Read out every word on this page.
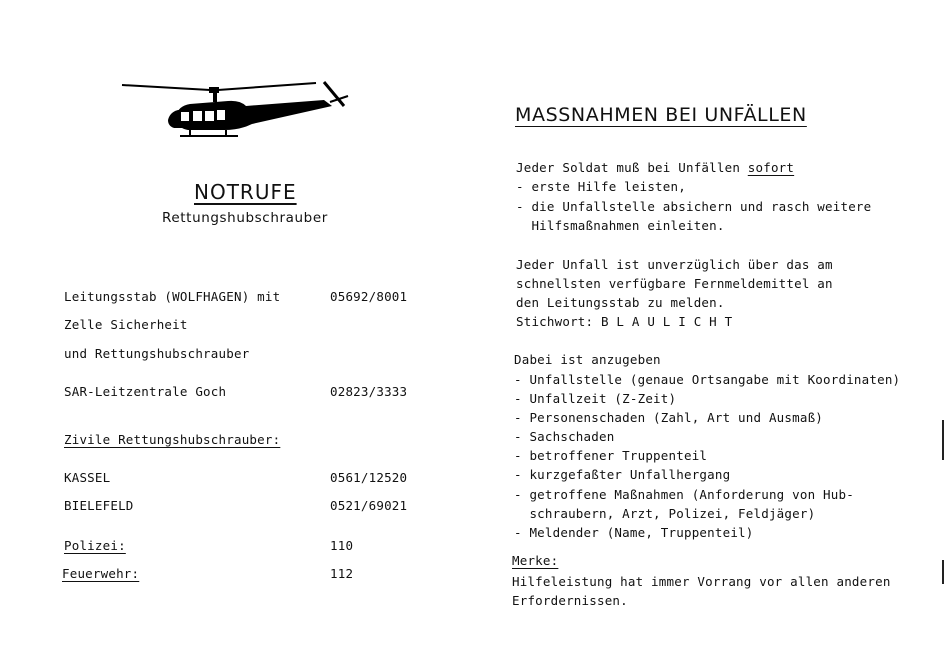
NOTRUFE
Rettungshubschrauber
Leitungsstab (WOLFHAGEN) mit	05692/8001
Zelle Sicherheit
und Rettungshubschrauber
SAR-Leitzentrale Goch	02823/3333
Zivile Rettungshubschrauber:
KASSEL	0561/12520
BIELEFELD	0521/69021
Polizei:	110
Feuerwehr:	112
MASSNAHMEN BEI UNFÄLLEN
Jeder Soldat muß bei Unfällen sofort
- erste Hilfe leisten,
- die Unfallstelle absichern und rasch weitere
Hilfsmaßnahmen einleiten.
Jeder Unfall ist unverzüglich über das am
schnellsten verfügbare Fernmeldemittel an
den Leitungsstab zu melden.
Stichwort: B L A U L I C H T
Dabei ist anzugeben
- Unfallstelle (genaue Ortsangabe mit Koordinaten)
- Unfallzeit (Z-Zeit)
- Personenschaden (Zahl, Art und Ausmaß)
- Sachschaden
- betroffener Truppenteil
- kurzgefaßter Unfallhergang
- getroffene Maßnahmen (Anforderung von Hub-
schraubern, Arzt, Polizei, Feldjäger)
- Meldender (Name, Truppenteil)
Merke:
Hilfeleistung hat immer Vorrang vor allen anderen
Erfordernissen.
